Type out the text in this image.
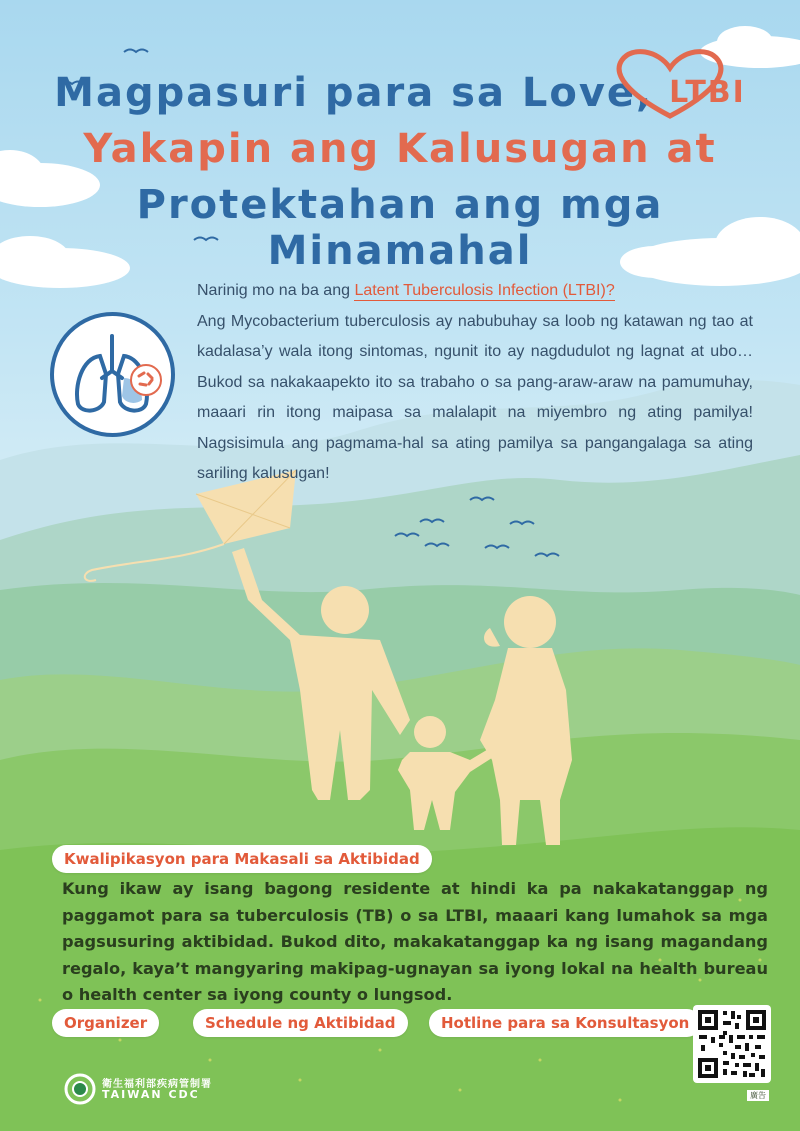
Magpasuri para sa Love, LTBI
Yakapin ang Kalusugan at
Protektahan ang mga Minamahal
Narinig mo na ba ang Latent Tuberculosis Infection (LTBI)?
Ang Mycobacterium tuberculosis ay nabubuhay sa loob ng katawan ng tao at kadalasa’y wala itong sintomas, ngunit ito ay nagdudulot ng lagnat at ubo… Bukod sa nakakaapekto ito sa trabaho o sa pang-araw-araw na pamumuhay, maaari rin itong maipasa sa malalapit na miyembro ng ating pamilya! Nagsisimula ang pagmama-hal sa ating pamilya sa pangangalaga sa ating sariling kalusugan!
Kwalipikasyon para Makasali sa Aktibidad
Kung ikaw ay isang bagong residente at hindi ka pa nakakatanggap ng paggamot para sa tuberculosis (TB) o sa LTBI, maaari kang lumahok sa mga pagsusuring aktibidad. Bukod dito, makakatanggap ka ng isang magandang regalo, kaya’t mangyaring makipag-ugnayan sa iyong lokal na health bureau o health center sa iyong county o lungsod.
Organizer	Schedule ng Aktibidad	Hotline para sa Konsultasyon
衛生福利部疾病管制署
TAIWAN CDC	廣告
